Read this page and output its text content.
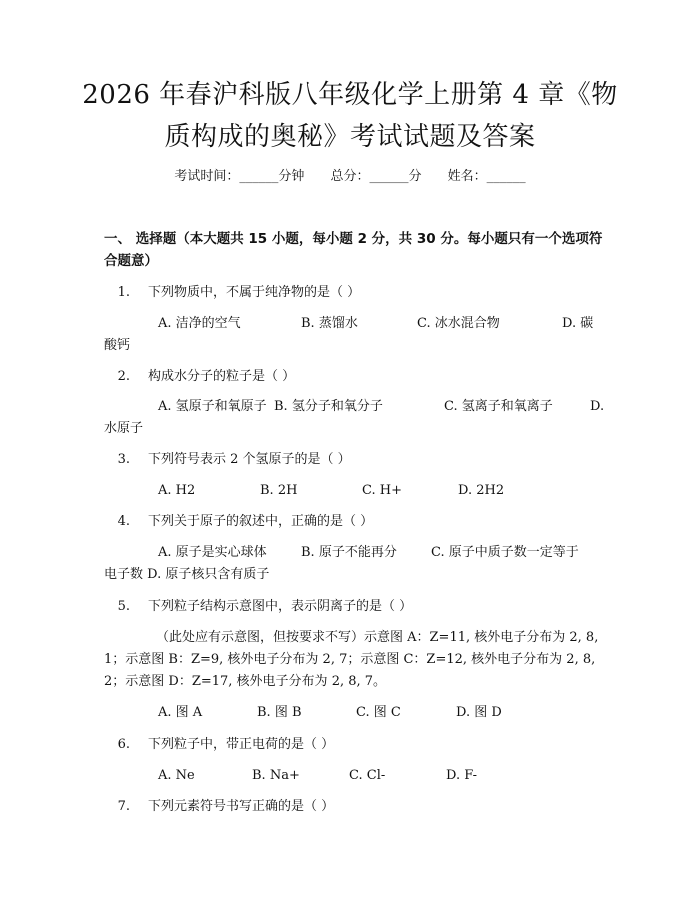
2026 年春沪科版八年级化学上册第 4 章《物质构成的奥秘》考试试题及答案
考试时间：______分钟 总分：______分 姓名：______
一、 选择题（本大题共 15 小题，每小题 2 分，共 30 分。每小题只有一个选项符合题意）
1. 下列物质中，不属于纯净物的是（ ）
A. 洁净的空气	B. 蒸馏水	C. 冰水混合物	D. 碳
酸钙
2. 构成水分子的粒子是（ ）
A. 氢原子和氧原子 B. 氢分子和氧分子	C. 氢离子和氧离子	D.
水原子
3. 下列符号表示 2 个氢原子的是（ ）
A. H2	B. 2H	C. H+	D. 2H2
4. 下列关于原子的叙述中，正确的是（ ）
A. 原子是实心球体	B. 原子不能再分	C. 原子中质子数一定等于
电子数 D. 原子核只含有质子
5. 下列粒子结构示意图中，表示阴离子的是（ ）
（此处应有示意图，但按要求不写）示意图 A：Z=11, 核外电子分布为 2, 8, 1；示意图 B：Z=9, 核外电子分布为 2, 7；示意图 C：Z=12, 核外电子分布为 2, 8, 2；示意图 D：Z=17, 核外电子分布为 2, 8, 7。
A. 图 A	B. 图 B	C. 图 C	D. 图 D
6. 下列粒子中，带正电荷的是（ ）
A. Ne	B. Na+	C. Cl-	D. F-
7. 下列元素符号书写正确的是（ ）
